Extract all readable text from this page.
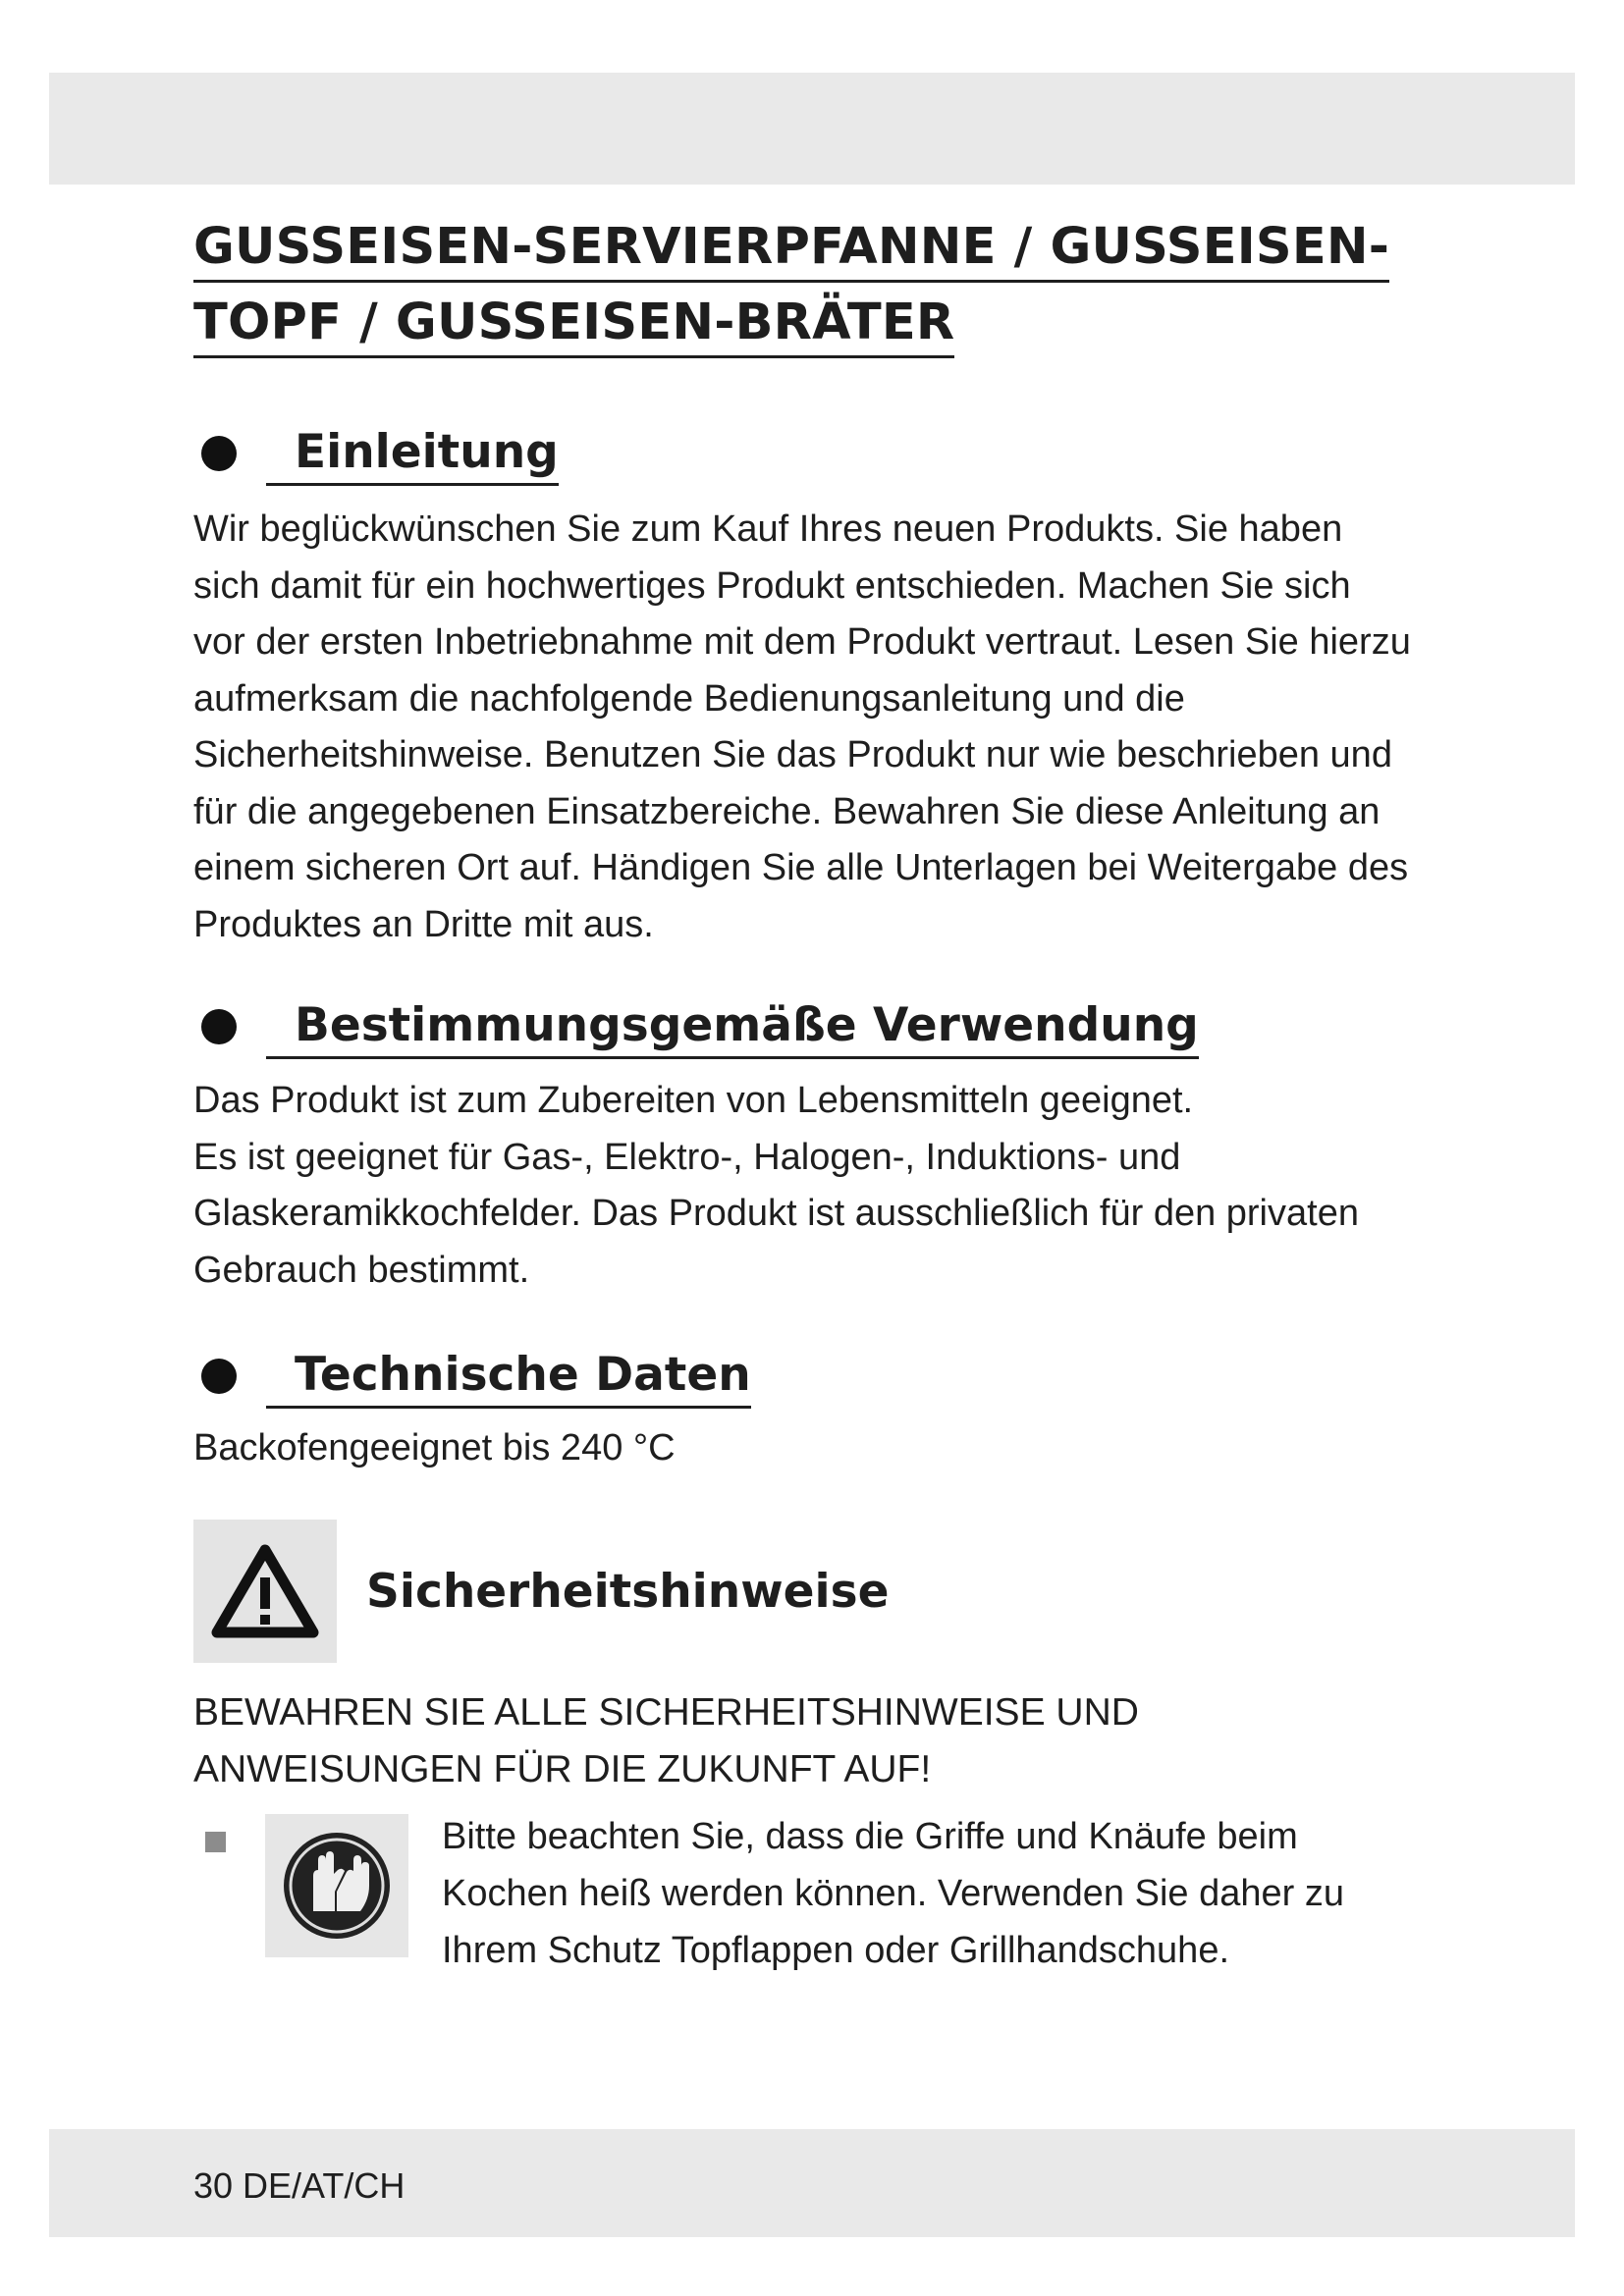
GUSSEISEN-SERVIERPFANNE / GUSSEISEN-
TOPF / GUSSEISEN-BRÄTER
Einleitung

Wir beglückwünschen Sie zum Kauf Ihres neuen Produkts. Sie haben sich damit für ein hochwertiges Produkt entschieden. Machen Sie sich vor der ersten Inbetriebnahme mit dem Produkt vertraut. Lesen Sie hierzu aufmerksam die nachfolgende Bedienungsanleitung und die Sicherheitshinweise. Benutzen Sie das Produkt nur wie beschrieben und für die angegebenen Einsatzbereiche. Bewahren Sie diese Anleitung an einem sicheren Ort auf. Händigen Sie alle Unterlagen bei Weitergabe des Produktes an Dritte mit aus.

Bestimmungsgemäße Verwendung

Das Produkt ist zum Zubereiten von Lebensmitteln geeignet.

Es ist geeignet für Gas-, Elektro-, Halogen-, Induktions- und Glaskeramikkochfelder. Das Produkt ist ausschließlich für den privaten Gebrauch bestimmt.

Technische Daten

Backofengeeignet bis 240 °C

Sicherheitshinweise

BEWAHREN SIE ALLE SICHERHEITSHINWEISE UND
ANWEISUNGEN FÜR DIE ZUKUNFT AUF!

Bitte beachten Sie, dass die Griffe und Knäufe beim Kochen heiß werden können. Verwenden Sie daher zu Ihrem Schutz Topflappen oder Grillhandschuhe.

30 DE/AT/CH
